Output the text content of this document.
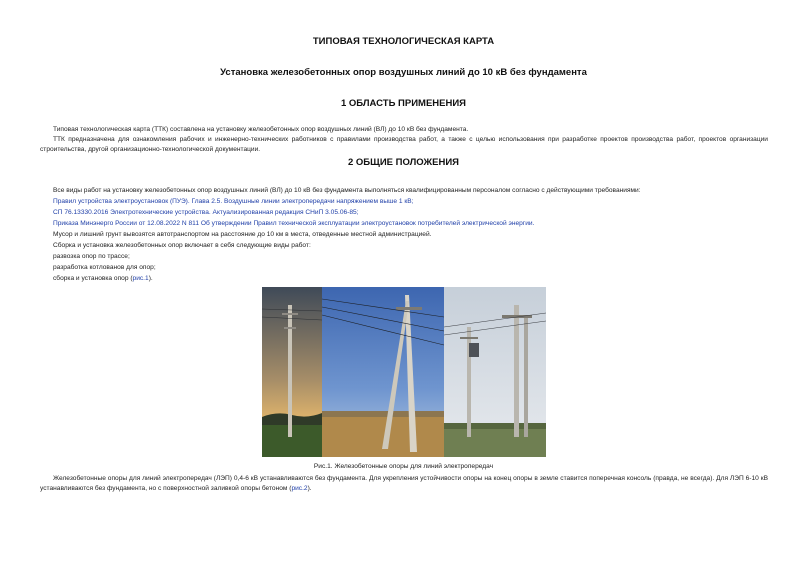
ТИПОВАЯ ТЕХНОЛОГИЧЕСКАЯ КАРТА
Установка железобетонных опор воздушных линий до 10 кВ без фундамента
1 ОБЛАСТЬ ПРИМЕНЕНИЯ
Типовая технологическая карта (ТТК) составлена на установку железобетонных опор воздушных линий (ВЛ) до 10 кВ без фундамента.
ТТК предназначена для ознакомления рабочих и инженерно-технических работников с правилами производства работ, а также с целью использования при разработке проектов производства работ, проектов организации строительства, другой организационно-технологической документации.
2 ОБЩИЕ ПОЛОЖЕНИЯ
Все виды работ на установку железобетонных опор воздушных линий (ВЛ) до 10 кВ без фундамента выполняться квалифицированным персоналом согласно с действующими требованиями:
Правил устройства электроустановок (ПУЭ). Глава 2.5. Воздушные линии электропередачи напряжением выше 1 кВ;
СП 76.13330.2016 Электротехнические устройства. Актуализированная редакция СНиП 3.05.06-85;
Приказа Минэнерго России от 12.08.2022 N 811 Об утверждении Правил технической эксплуатации электроустановок потребителей электрической энергии.
Мусор и лишний грунт вывозятся автотранспортом на расстояние до 10 км в места, отведенные местной администрацией.
Сборка и установка железобетонных опор включает в себя следующие виды работ:
развозка опор по трассе;
разработка котлованов для опор;
сборка и установка опор (рис.1).
Рис.1. Железобетонные опоры для линий электропередач
Железобетонные опоры для линий электропередач (ЛЭП) 0,4-6 кВ устанавливаются без фундамента. Для укрепления устойчивости опоры на конец опоры в земле ставится поперечная консоль (правда, не всегда). Для ЛЭП 6-10 кВ устанавливаются без фундамента, но с поверхностной заливкой опоры бетоном (рис.2).
